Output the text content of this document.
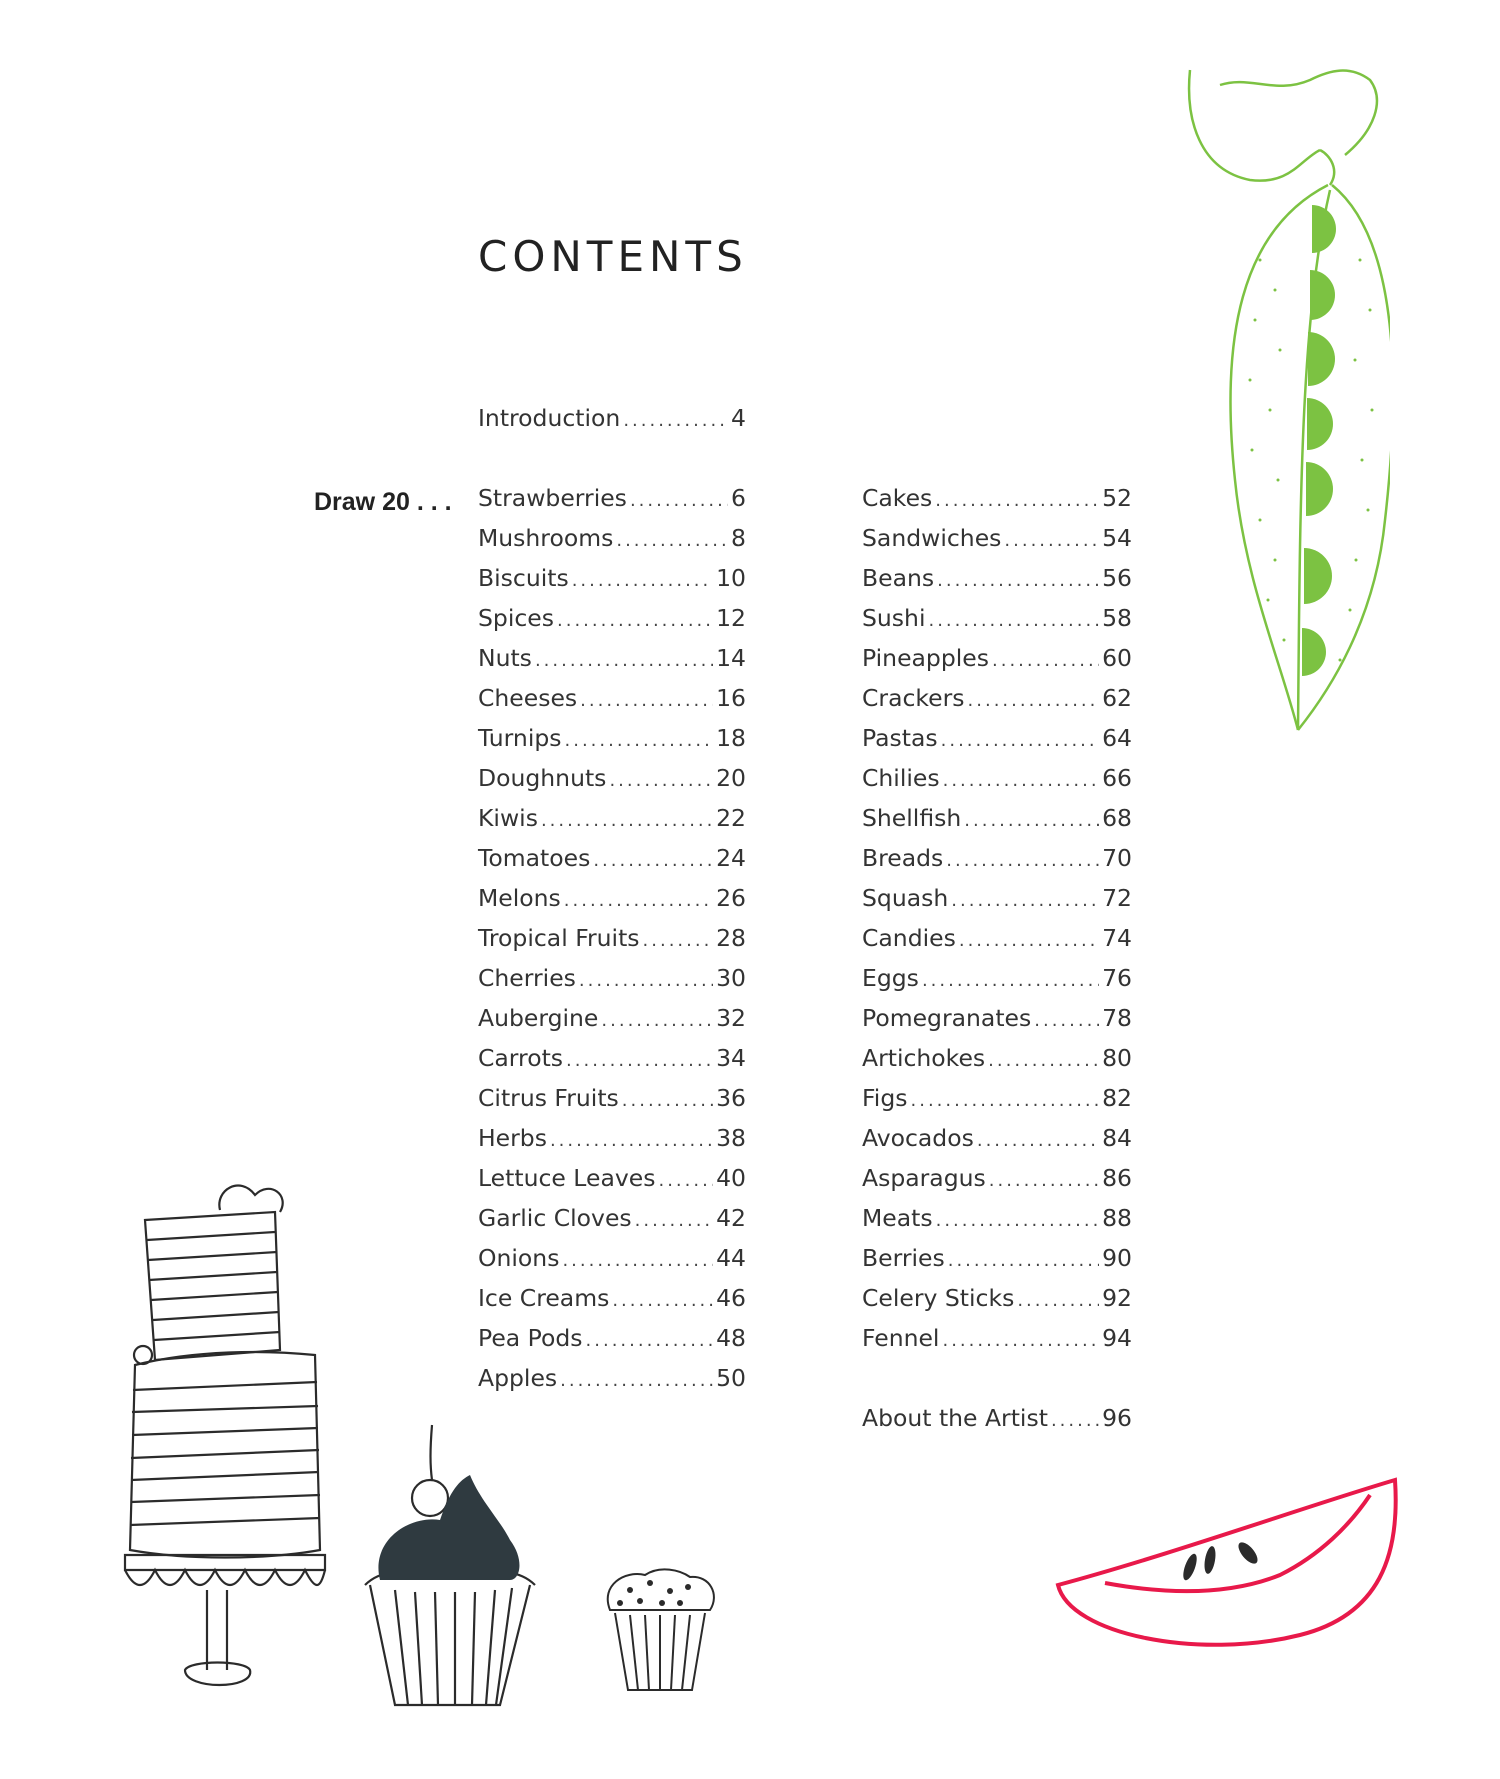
CONTENTS
Draw 20 . . .
Introduction .....	4
Strawberries .....	6
Mushrooms .....	8
Biscuits .....	10
Spices .....	12
Nuts .....	14
Cheeses .....	16
Turnips .....	18
Doughnuts .....	20
Kiwis .....	22
Tomatoes .....	24
Melons .....	26
Tropical Fruits .....	28
Cherries .....	30
Aubergine .....	32
Carrots .....	34
Citrus Fruits .....	36
Herbs .....	38
Lettuce Leaves .....	40
Garlic Cloves .....	42
Onions .....	44
Ice Creams .....	46
Pea Pods .....	48
Apples .....	50
Cakes .....	52
Sandwiches .....	54
Beans .....	56
Sushi .....	58
Pineapples .....	60
Crackers .....	62
Pastas .....	64
Chilies .....	66
Shellfish .....	68
Breads .....	70
Squash .....	72
Candies .....	74
Eggs .....	76
Pomegranates .....	78
Artichokes .....	80
Figs .....	82
Avocados .....	84
Asparagus .....	86
Meats .....	88
Berries .....	90
Celery Sticks .....	92
Fennel .....	94
About the Artist ..... 96
